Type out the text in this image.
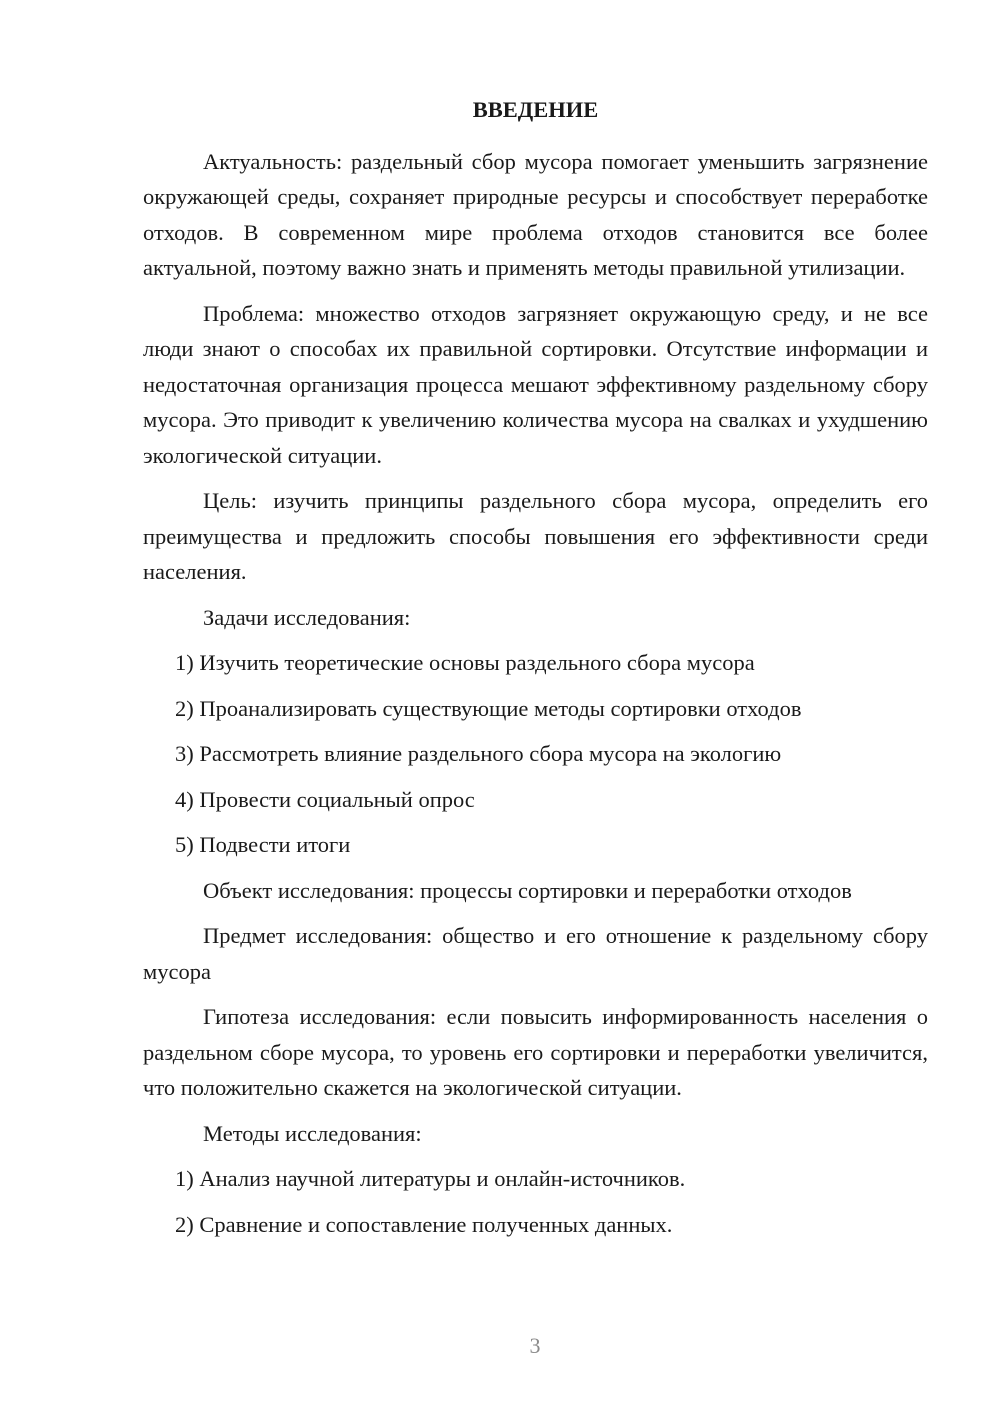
ВВЕДЕНИЕ

Актуальность: раздельный сбор мусора помогает уменьшить загрязнение окружающей среды, сохраняет природные ресурсы и способствует переработке отходов. В современном мире проблема отходов становится все более актуальной, поэтому важно знать и применять методы правильной утилизации.

Проблема: множество отходов загрязняет окружающую среду, и не все люди знают о способах их правильной сортировки. Отсутствие информации и недостаточная организация процесса мешают эффективному раздельному сбору мусора. Это приводит к увеличению количества мусора на свалках и ухудшению экологической ситуации.

Цель: изучить принципы раздельного сбора мусора, определить его преимущества и предложить способы повышения его эффективности среди населения.

Задачи исследования:
1) Изучить теоретические основы раздельного сбора мусора
2) Проанализировать существующие методы сортировки отходов
3) Рассмотреть влияние раздельного сбора мусора на экологию
4) Провести социальный опрос
5) Подвести итоги
Объект исследования: процессы сортировки и переработки отходов

Предмет исследования: общество и его отношение к раздельному сбору мусора

Гипотеза исследования: если повысить информированность населения о раздельном сборе мусора, то уровень его сортировки и переработки увеличится, что положительно скажется на экологической ситуации.

Методы исследования:
1) Анализ научной литературы и онлайн-источников.
2) Сравнение и сопоставление полученных данных.
3
